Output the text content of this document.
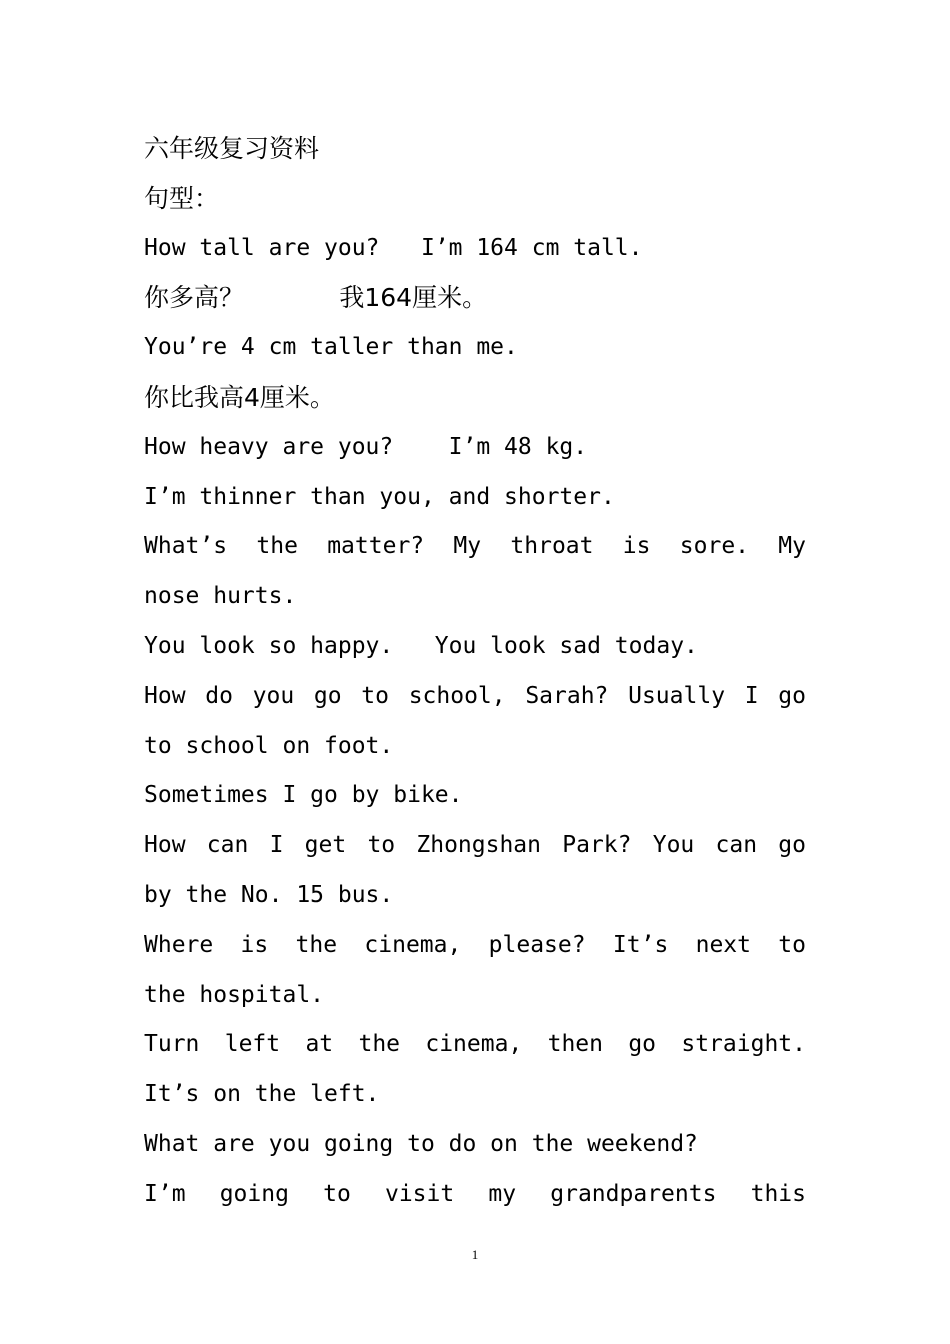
六年级复习资料
句型：
How tall are you?   I’m 164 cm tall.
你多高？            我164厘米。
You’re 4 cm taller than me.
你比我高4厘米。
How heavy are you?    I’m 48 kg.
I’m thinner than you, and shorter.
What’s the matter? My throat is sore. My
nose hurts.
You look so happy.   You look sad today.
How do you go to school, Sarah? Usually I go
to school on foot.
Sometimes I go by bike.
How can I get to Zhongshan Park? You can go
by the No. 15 bus.
Where is the cinema, please? It’s next to
the hospital.
Turn left at the cinema, then go straight.
It’s on the left.
What are you going to do on the weekend?
I’m going to visit my grandparents this
1
